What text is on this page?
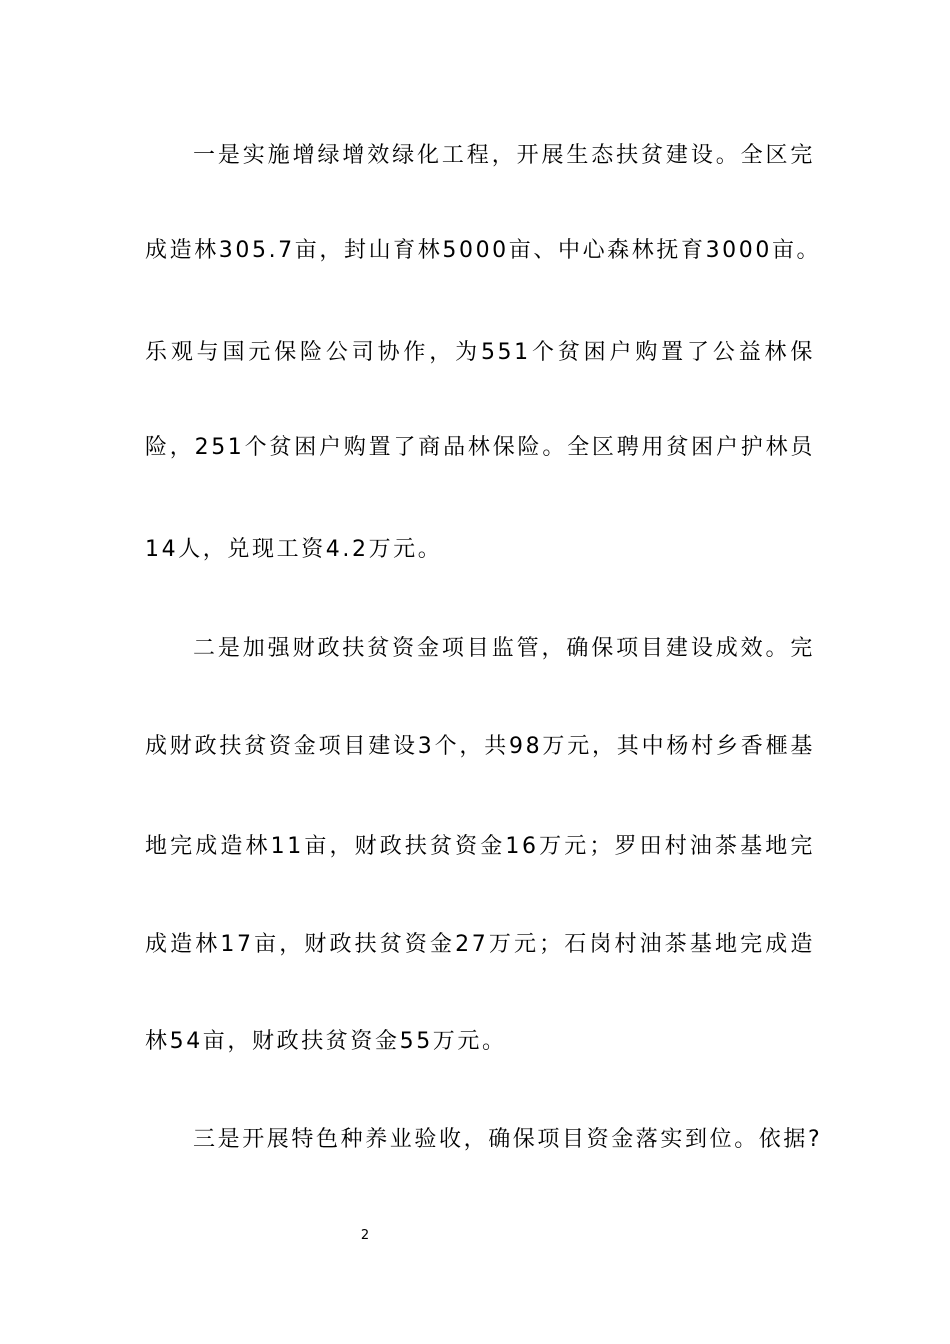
一是实施增绿增效绿化工程，开展生态扶贫建设。全区完
成造林305.7亩，封山育林5000亩、中心森林抚育3000亩。
乐观与国元保险公司协作，为551个贫困户购置了公益林保
险，251个贫困户购置了商品林保险。全区聘用贫困户护林员
14人，兑现工资4.2万元。
二是加强财政扶贫资金项目监管，确保项目建设成效。完
成财政扶贫资金项目建设3个，共98万元，其中杨村乡香榧基
地完成造林11亩，财政扶贫资金16万元；罗田村油茶基地完
成造林17亩，财政扶贫资金27万元；石岗村油茶基地完成造
林54亩，财政扶贫资金55万元。
三是开展特色种养业验收，确保项目资金落实到位。依据?
2
